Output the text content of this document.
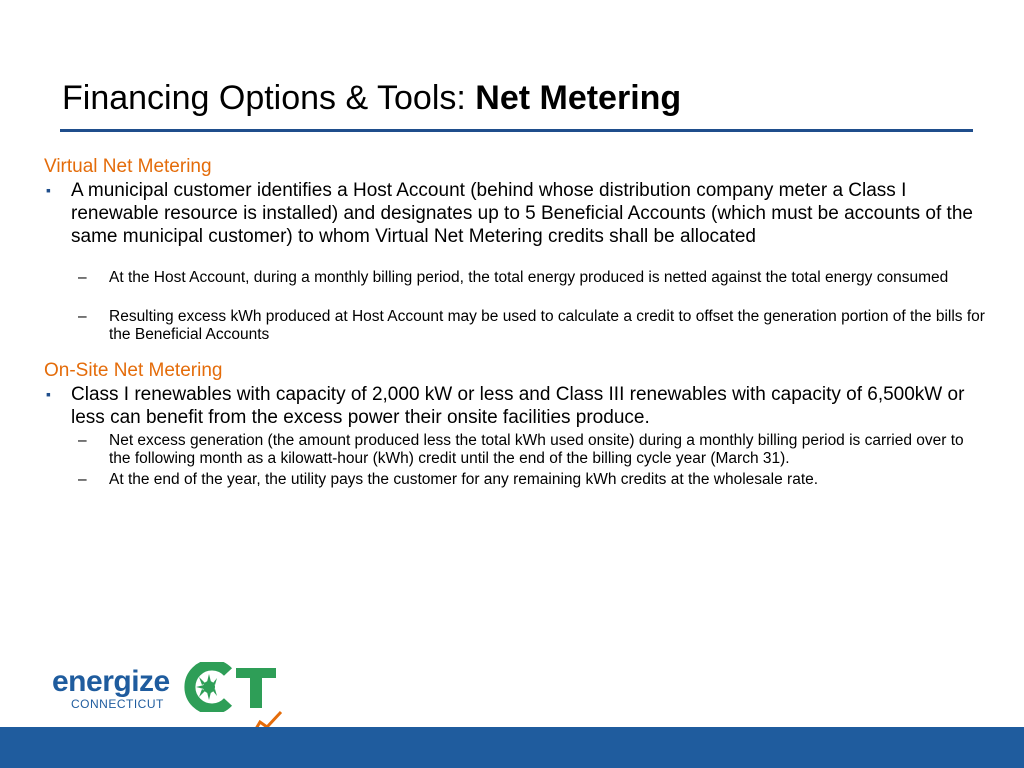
Financing Options & Tools: Net Metering
Virtual Net Metering
▪ A municipal customer identifies a Host Account (behind whose distribution company meter a Class I renewable resource is installed) and designates up to 5 Beneficial Accounts (which must be accounts of the same municipal customer) to whom Virtual Net Metering credits shall be allocated
– At the Host Account, during a monthly billing period, the total energy produced is netted against the total energy consumed
– Resulting excess kWh produced at Host Account may be used to calculate a credit to offset the generation portion of the bills for the Beneficial Accounts
On-Site Net Metering
▪ Class I renewables with capacity of 2,000 kW or less and Class III renewables with capacity of 6,500kW or less can benefit from the excess power their onsite facilities produce.
– Net excess generation (the amount produced less the total kWh used onsite) during a monthly billing period is carried over to the following month as a kilowatt-hour (kWh) credit until the end of the billing cycle year (March 31).
– At the end of the year, the utility pays the customer for any remaining kWh credits at the wholesale rate.
energize
CONNECTICUT
